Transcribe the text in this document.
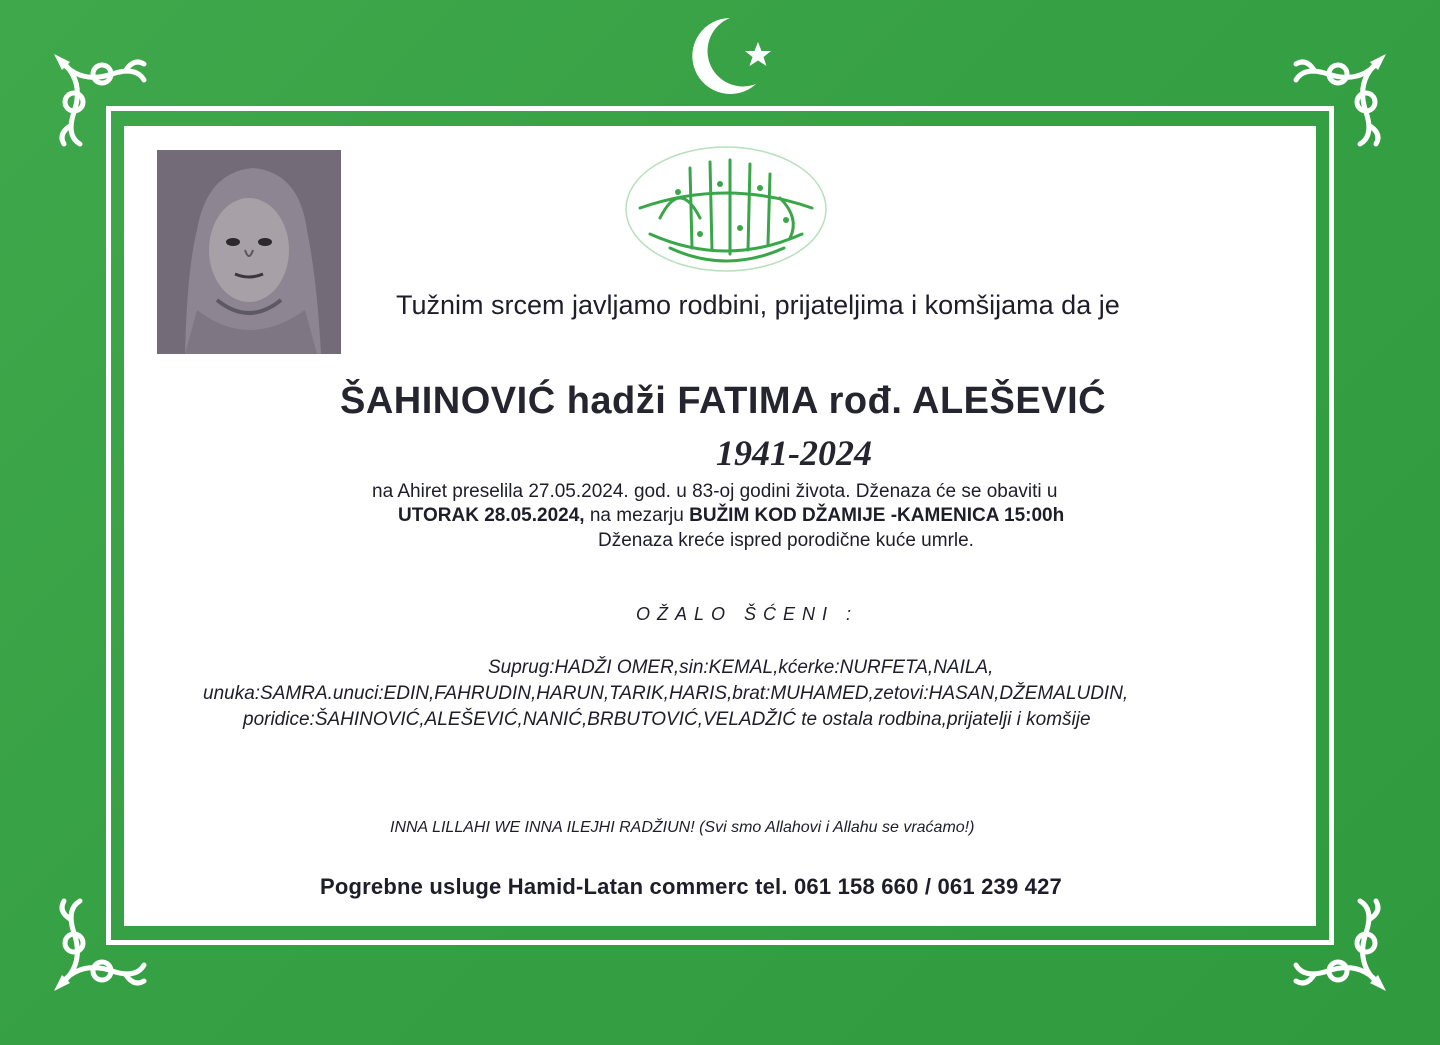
Tužnim srcem javljamo rodbini, prijateljima i komšijama da je
ŠAHINOVIĆ hadži FATIMA rođ. ALEŠEVIĆ
1941-2024
na Ahiret preselila 27.05.2024. god. u 83-oj godini života. Dženaza će se obaviti u
UTORAK 28.05.2024, na mezarju BUŽIM KOD DŽAMIJE -KAMENICA 15:00h
Dženaza kreće ispred porodične kuće umrle.
OŽALO ŠĆENI :
Suprug:HADŽI OMER,sin:KEMAL,kćerke:NURFETA,NAILA,
unuka:SAMRA.unuci:EDIN,FAHRUDIN,HARUN,TARIK,HARIS,brat:MUHAMED,zetovi:HASAN,DŽEMALUDIN,
poridice:ŠAHINOVIĆ,ALEŠEVIĆ,NANIĆ,BRBUTOVIĆ,VELADŽIĆ te ostala rodbina,prijatelji i komšije
INNA LILLAHI WE INNA ILEJHI RADŽIUN! (Svi smo Allahovi i Allahu se vraćamo!)
Pogrebne usluge Hamid-Latan commerc tel. 061 158 660 / 061 239 427
